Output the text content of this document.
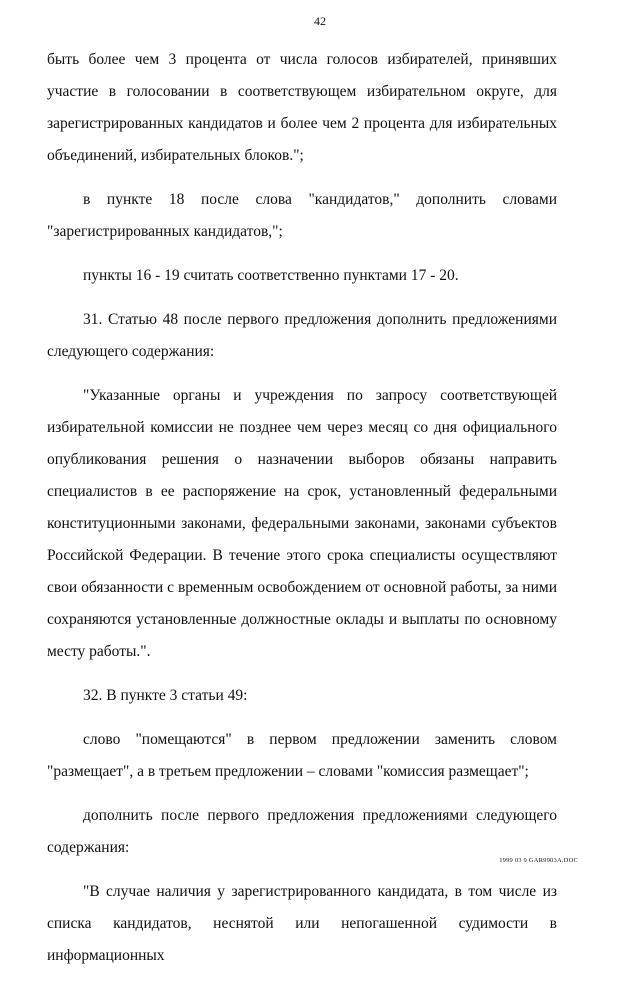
42

быть более чем 3 процента от числа голосов избирателей, принявших участие в голосовании в соответствующем избирательном округе, для зарегистрированных кандидатов и более чем 2 процента для избирательных объединений, избирательных блоков.";

в пункте 18 после слова "кандидатов," дополнить словами "зарегистрированных кандидатов,";

пункты 16 - 19 считать соответственно пунктами 17 - 20.

31. Статью 48 после первого предложения дополнить предложениями следующего содержания:

"Указанные органы и учреждения по запросу соответствующей избирательной комиссии не позднее чем через месяц со дня официального опубликования решения о назначении выборов обязаны направить специалистов в ее распоряжение на срок, установленный федеральными конституционными законами, федеральными законами, законами субъектов Российской Федерации. В течение этого срока специалисты осуществляют свои обязанности с временным освобождением от основной работы, за ними сохраняются установленные должностные оклады и выплаты по основному месту работы.".

32. В пункте 3 статьи 49:

слово "помещаются" в первом предложении заменить словом "размещает", а в третьем предложении – словами "комиссия размещает";

дополнить после первого предложения предложениями следующего содержания:

"В случае наличия у зарегистрированного кандидата, в том числе из списка кандидатов, неснятой или непогашенной судимости в информационных

1999 03 9 GAR9903A.DOC
